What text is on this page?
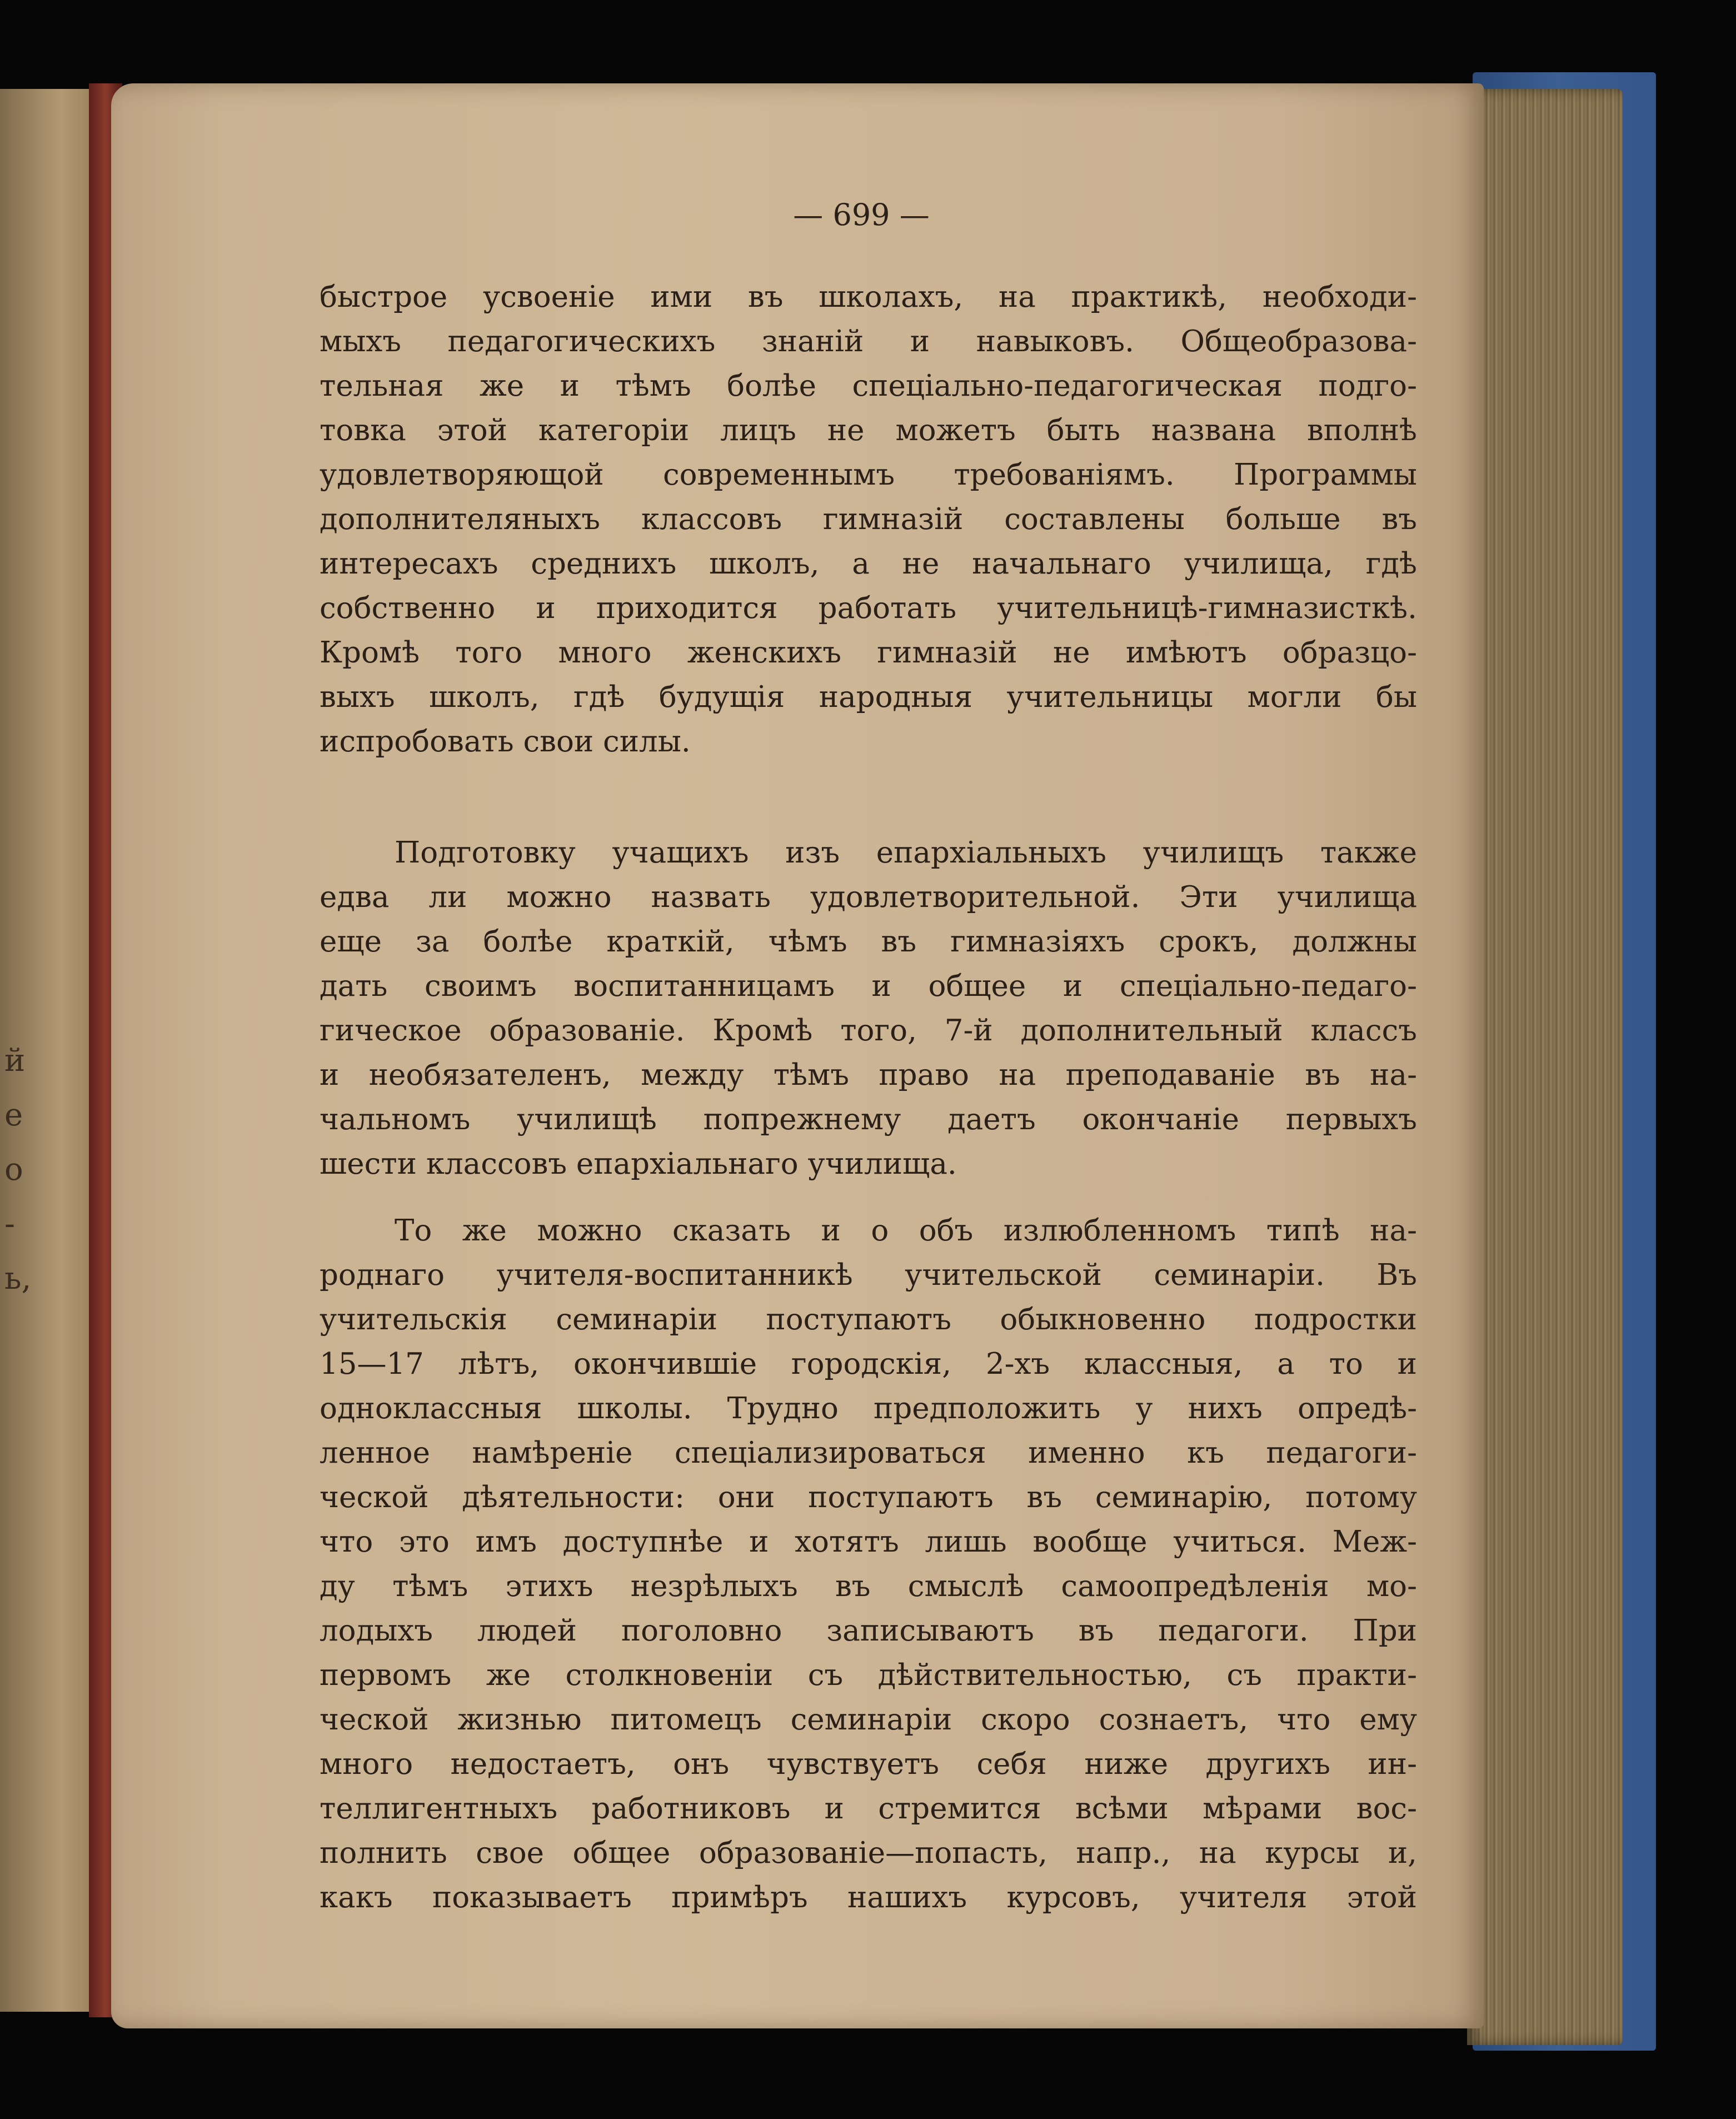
й
е
о
-
ь,
— 699 —
быстрое усвоенiе ими въ школахъ, на практикѣ, необходи-
мыхъ педагогическихъ знанiй и навыковъ. Общеобразова-
тельная же и тѣмъ болѣе спецiально-педагогическая подго-
товка этой категорiи лицъ не можетъ быть названа вполнѣ
удовлетворяющой современнымъ требованiямъ. Программы
дополнителяныхъ классовъ гимназiй составлены больше въ
интересахъ среднихъ школъ, а не начальнаго училища, гдѣ
собственно и приходится работать учительницѣ-гимназисткѣ.
Кромѣ того много женскихъ гимназiй не имѣютъ образцо-
выхъ школъ, гдѣ будущiя народныя учительницы могли бы
испробовать свои силы.
Подготовку учащихъ изъ епархiальныхъ училищъ также
едва ли можно назвать удовлетворительной. Эти училища
еще за болѣе краткiй, чѣмъ въ гимназiяхъ срокъ, должны
дать своимъ воспитанницамъ и общее и спецiально-педаго-
гическое образованiе. Кромѣ того, 7-й дополнительный классъ
и необязателенъ, между тѣмъ право на преподаванiе въ на-
чальномъ училищѣ попрежнему даетъ окончанiе первыхъ
шести классовъ епархiальнаго училища.
То же можно сказать и о объ излюбленномъ типѣ на-
роднаго учителя-воспитанникѣ учительской семинарiи. Въ
учительскiя семинарiи поступаютъ обыкновенно подростки
15—17 лѣтъ, окончившiе городскiя, 2-хъ классныя, а то и
одноклассныя школы. Трудно предположить у нихъ опредѣ-
ленное намѣренiе спецiализироваться именно къ педагоги-
ческой дѣятельности: они поступаютъ въ семинарiю, потому
что это имъ доступнѣе и хотятъ лишь вообще учиться. Меж-
ду тѣмъ этихъ незрѣлыхъ въ смыслѣ самоопредѣленiя мо-
лодыхъ людей поголовно записываютъ въ педагоги. При
первомъ же столкновенiи съ дѣйствительностью, съ практи-
ческой жизнью питомецъ семинарiи скоро сознаетъ, что ему
много недостаетъ, онъ чувствуетъ себя ниже другихъ ин-
теллигентныхъ работниковъ и стремится всѣми мѣрами вос-
полнить свое общее образованiе—попасть, напр., на курсы и,
какъ показываетъ примѣръ нашихъ курсовъ, учителя этой
